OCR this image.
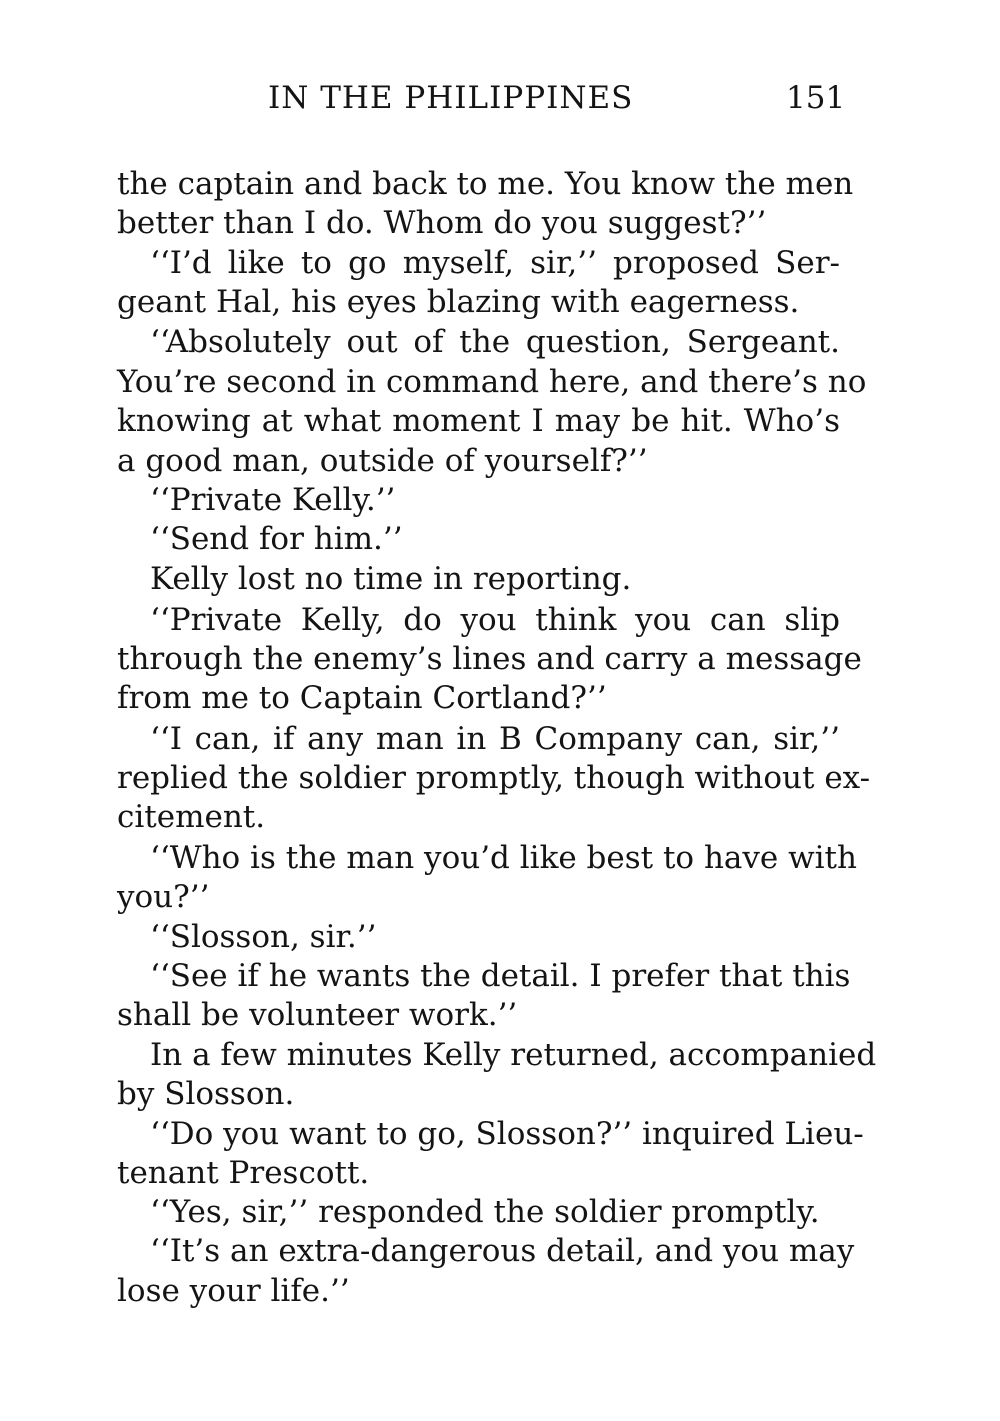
IN THE PHILIPPINES	151
the captain and back to me. You know the men
better than I do. Whom do you suggest?’’
‘‘I’d like to go myself, sir,’’ proposed Ser-
geant Hal, his eyes blazing with eagerness.
‘‘Absolutely out of the question, Sergeant.
You’re second in command here, and there’s no
knowing at what moment I may be hit. Who’s
a good man, outside of yourself?’’
‘‘Private Kelly.’’
‘‘Send for him.’’
Kelly lost no time in reporting.
‘‘Private Kelly, do you think you can slip
through the enemy’s lines and carry a message
from me to Captain Cortland?’’
‘‘I can, if any man in B Company can, sir,’’
replied the soldier promptly, though without ex-
citement.
‘‘Who is the man you’d like best to have with
you?’’
‘‘Slosson, sir.’’
‘‘See if he wants the detail. I prefer that this
shall be volunteer work.’’
In a few minutes Kelly returned, accompanied
by Slosson.
‘‘Do you want to go, Slosson?’’ inquired Lieu-
tenant Prescott.
‘‘Yes, sir,’’ responded the soldier promptly.
‘‘It’s an extra-dangerous detail, and you may
lose your life.’’
